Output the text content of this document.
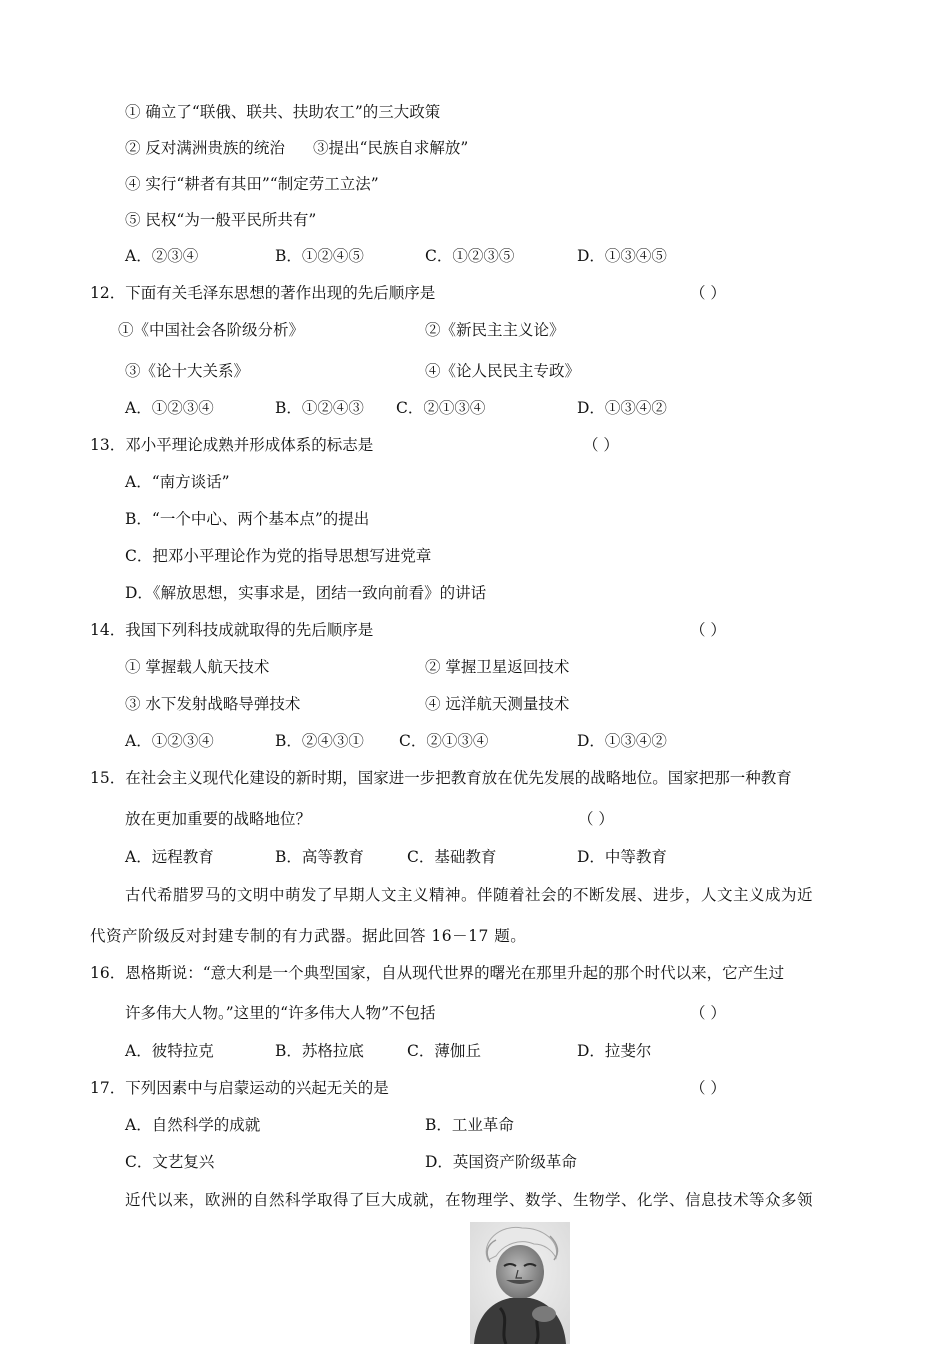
① 确立了“联俄、联共、扶助农工”的三大政策
② 反对满洲贵族的统治 ③提出“民族自求解放”
④ 实行“耕者有其田”“制定劳工立法”
⑤ 民权“为一般平民所共有”
A．②③④	B．①②④⑤	C．①②③⑤	D．①③④⑤
12．下面有关毛泽东思想的著作出现的先后顺序是	（ ）
①《中国社会各阶级分析》	②《新民主主义论》
③《论十大关系》	④《论人民民主专政》
A．①②③④	B．①②④③ C．②①③④	D．①③④②
13．邓小平理论成熟并形成体系的标志是	（ ）
A．“南方谈话”
B．“一个中心、两个基本点”的提出
C．把邓小平理论作为党的指导思想写进党章
D．《解放思想，实事求是，团结一致向前看》的讲话
14．我国下列科技成就取得的先后顺序是	（ ）
① 掌握载人航天技术	② 掌握卫星返回技术
③ 水下发射战略导弹技术	④ 远洋航天测量技术
A．①②③④	B．②④③① C．②①③④	D．①③④②
15．在社会主义现代化建设的新时期，国家进一步把教育放在优先发展的战略地位。国家把那一种教育
放在更加重要的战略地位？	（ ）
A．远程教育	B．高等教育	C．基础教育	D．中等教育
古代希腊罗马的文明中萌发了早期人文主义精神。伴随着社会的不断发展、进步，人文主义成为近
代资产阶级反对封建专制的有力武器。据此回答 16－17 题。
16．恩格斯说：“意大利是一个典型国家，自从现代世界的曙光在那里升起的那个时代以来，它产生过
许多伟大人物。”这里的“许多伟大人物”不包括	（ ）
A．彼特拉克	B．苏格拉底	C．薄伽丘	D．拉斐尔
17．下列因素中与启蒙运动的兴起无关的是	（ ）
A．自然科学的成就	B．工业革命
C．文艺复兴	D．英国资产阶级革命
近代以来，欧洲的自然科学取得了巨大成就，在物理学、数学、生物学、化学、信息技术等众多领
